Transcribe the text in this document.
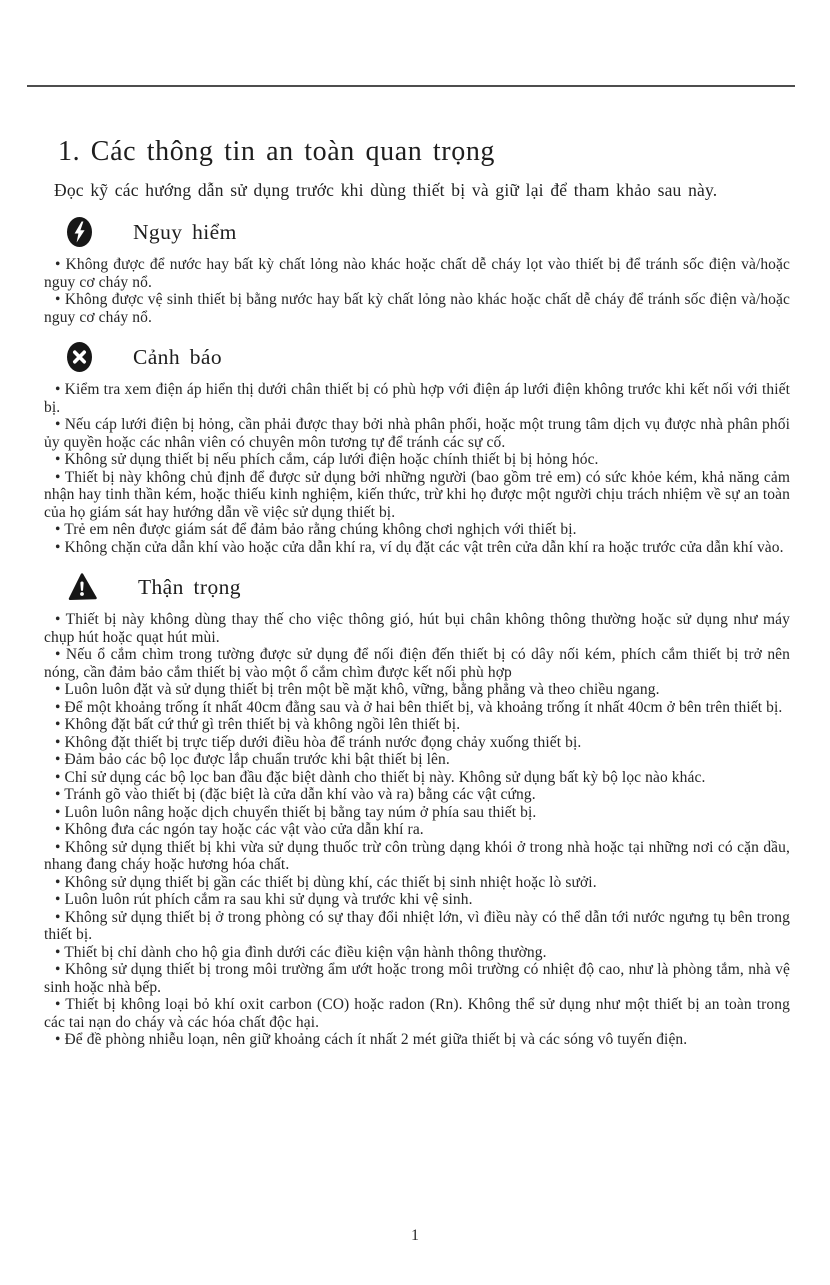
1. Các thông tin an toàn quan trọng

Đọc kỹ các hướng dẫn sử dụng trước khi dùng thiết bị và giữ lại để tham khảo sau này.

Nguy hiểm

• Không được để nước hay bất kỳ chất lỏng nào khác hoặc chất dễ cháy lọt vào thiết bị để tránh sốc điện và/hoặc nguy cơ cháy nổ.

• Không được vệ sinh thiết bị bằng nước hay bất kỳ chất lỏng nào khác hoặc chất dễ cháy để tránh sốc điện và/hoặc nguy cơ cháy nổ.

Cảnh báo

• Kiểm tra xem điện áp hiển thị dưới chân thiết bị có phù hợp với điện áp lưới điện không trước khi kết nối với thiết bị.

• Nếu cáp lưới điện bị hỏng, cần phải được thay bởi nhà phân phối, hoặc một trung tâm dịch vụ được nhà phân phối ủy quyền hoặc các nhân viên có chuyên môn tương tự để tránh các sự cố.

• Không sử dụng thiết bị nếu phích cắm, cáp lưới điện hoặc chính thiết bị bị hỏng hóc.

• Thiết bị này không chủ định để được sử dụng bởi những người (bao gồm trẻ em) có sức khỏe kém, khả năng cảm nhận hay tinh thần kém, hoặc thiếu kinh nghiệm, kiến thức, trừ khi họ được một người chịu trách nhiệm về sự an toàn của họ giám sát hay hướng dẫn về việc sử dụng thiết bị.

• Trẻ em nên được giám sát để đảm bảo rằng chúng không chơi nghịch với thiết bị.

• Không chặn cửa dẫn khí vào hoặc cửa dẫn khí ra, ví dụ đặt các vật trên cửa dẫn khí ra hoặc trước cửa dẫn khí vào.

Thận trọng

• Thiết bị này không dùng thay thế cho việc thông gió, hút bụi chân không thông thường hoặc sử dụng như máy chụp hút hoặc quạt hút mùi.

• Nếu ổ cắm chìm trong tường được sử dụng để nối điện đến thiết bị có dây nối kém, phích cắm thiết bị trở nên nóng, cần đảm bảo cắm thiết bị vào một ổ cắm chìm được kết nối phù hợp

• Luôn luôn đặt và sử dụng thiết bị trên một bề mặt khô, vững, bằng phẳng và theo chiều ngang.

• Để một khoảng trống ít nhất 40cm đằng sau và ở hai bên thiết bị, và khoảng trống ít nhất 40cm ở bên trên thiết bị.

• Không đặt bất cứ thứ gì trên thiết bị và không ngồi lên thiết bị.

• Không đặt thiết bị trực tiếp dưới điều hòa để tránh nước đọng chảy xuống thiết bị.

• Đảm bảo các bộ lọc được lắp chuẩn trước khi bật thiết bị lên.

• Chỉ sử dụng các bộ lọc ban đầu đặc biệt dành cho thiết bị này. Không sử dụng bất kỳ bộ lọc nào khác.

• Tránh gõ vào thiết bị (đặc biệt là cửa dẫn khí vào và ra) bằng các vật cứng.

• Luôn luôn nâng hoặc dịch chuyển thiết bị bằng tay núm ở phía sau thiết bị.

• Không đưa các ngón tay hoặc các vật vào cửa dẫn khí ra.

• Không sử dụng thiết bị khi vừa sử dụng thuốc trừ côn trùng dạng khói ở trong nhà hoặc tại những nơi có cặn dầu, nhang đang cháy hoặc hương hóa chất.

• Không sử dụng thiết bị gần các thiết bị dùng khí, các thiết bị sinh nhiệt hoặc lò sưởi.

• Luôn luôn rút phích cắm ra sau khi sử dụng và trước khi vệ sinh.

• Không sử dụng thiết bị ở trong phòng có sự thay đổi nhiệt lớn, vì điều này có thể dẫn tới nước ngưng tụ bên trong thiết bị.

• Thiết bị chỉ dành cho hộ gia đình dưới các điều kiện vận hành thông thường.

• Không sử dụng thiết bị trong môi trường ẩm ướt hoặc trong môi trường có nhiệt độ cao, như là phòng tắm, nhà vệ sinh hoặc nhà bếp.

• Thiết bị không loại bỏ khí oxit carbon (CO) hoặc radon (Rn). Không thể sử dụng như một thiết bị an toàn trong các tai nạn do cháy và các hóa chất độc hại.

• Để đề phòng nhiễu loạn, nên giữ khoảng cách ít nhất 2 mét giữa thiết bị và các sóng vô tuyến điện.

1
